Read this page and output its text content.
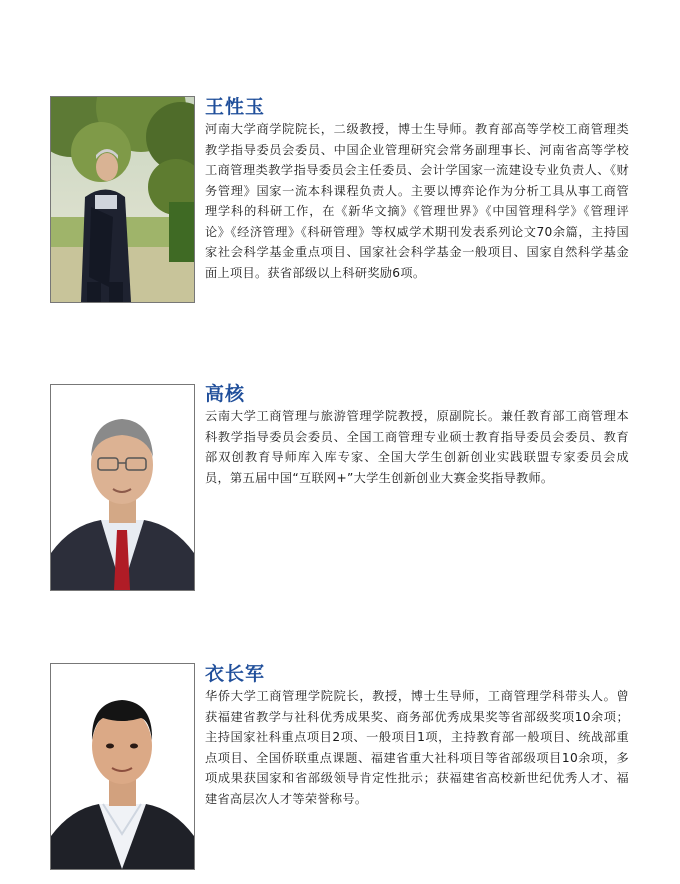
王性玉

河南大学商学院院长，二级教授，博士生导师。教育部高等学校工商管理类教学指导委员会委员、中国企业管理研究会常务副理事长、河南省高等学校工商管理类教学指导委员会主任委员、会计学国家一流建设专业负责人、《财务管理》国家一流本科课程负责人。主要以博弈论作为分析工具从事工商管理学科的科研工作，在《新华文摘》《管理世界》《中国管理科学》《管理评论》《经济管理》《科研管理》等权威学术期刊发表系列论文70余篇，主持国家社会科学基金重点项目、国家社会科学基金一般项目、国家自然科学基金面上项目。获省部级以上科研奖励6项。

高核

云南大学工商管理与旅游管理学院教授，原副院长。兼任教育部工商管理本科教学指导委员会委员、全国工商管理专业硕士教育指导委员会委员、教育部双创教育导师库入库专家、全国大学生创新创业实践联盟专家委员会成员，第五届中国“互联网+”大学生创新创业大赛金奖指导教师。

衣长军

华侨大学工商管理学院院长，教授，博士生导师，工商管理学科带头人。曾获福建省教学与社科优秀成果奖、商务部优秀成果奖等省部级奖项10余项；主持国家社科重点项目2项、一般项目1项，主持教育部一般项目、统战部重点项目、全国侨联重点课题、福建省重大社科项目等省部级项目10余项，多项成果获国家和省部级领导肯定性批示；获福建省高校新世纪优秀人才、福建省高层次人才等荣誉称号。
